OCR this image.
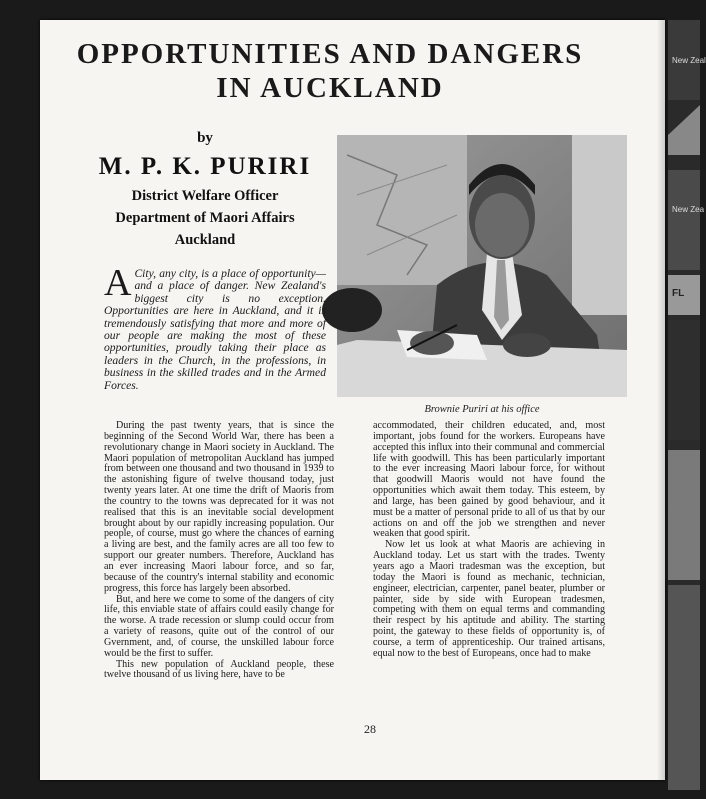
New Zeal
New Zea
FL
OPPORTUNITIES AND DANGERS
IN AUCKLAND
by
M. P. K. PURIRI
District Welfare Officer
Department of Maori Affairs
Auckland
Brownie Puriri at his office
A City, any city, is a place of opportunity—and a place of danger. New Zealand's biggest city is no exception. Opportunities are here in Auckland, and it is tremendously satisfying that more and more of our people are making the most of these opportunities, proudly taking their place as leaders in the Church, in the professions, in business in the skilled trades and in the Armed Forces.

During the past twenty years, that is since the beginning of the Second World War, there has been a revolutionary change in Maori society in Auckland. The Maori population of metropolitan Auckland has jumped from between one thousand and two thousand in 1939 to the astonishing figure of twelve thousand today, just twenty years later. At one time the drift of Maoris from the country to the towns was deprecated for it was not realised that this is an inevitable social development brought about by our rapidly increasing population. Our people, of course, must go where the chances of earning a living are best, and the family acres are all too few to support our greater numbers. Therefore, Auckland has an ever increasing Maori labour force, and so far, because of the country's internal stability and economic progress, this force has largely been absorbed.

But, and here we come to some of the dangers of city life, this enviable state of affairs could easily change for the worse. A trade recession or slump could occur from a variety of reasons, quite out of the control of our Gvernment, and, of course, the unskilled labour force would be the first to suffer.

This new population of Auckland people, these twelve thousand of us living here, have to be

accommodated, their children educated, and, most important, jobs found for the workers. Europeans have accepted this influx into their communal and commercial life with goodwill. This has been particularly important to the ever increasing Maori labour force, for without that goodwill Maoris would not have found the opportunities which await them today. This esteem, by and large, has been gained by good behaviour, and it must be a matter of personal pride to all of us that by our actions on and off the job we strengthen and never weaken that good spirit.

Now let us look at what Maoris are achieving in Auckland today. Let us start with the trades. Twenty years ago a Maori tradesman was the exception, but today the Maori is found as mechanic, technician, engineer, electrician, carpenter, panel beater, plumber or painter, side by side with European tradesmen, competing with them on equal terms and commanding their respect by his aptitude and ability. The starting point, the gateway to these fields of opportunity is, of course, a term of apprenticeship. Our trained artisans, equal now to the best of Europeans, once had to make

28
